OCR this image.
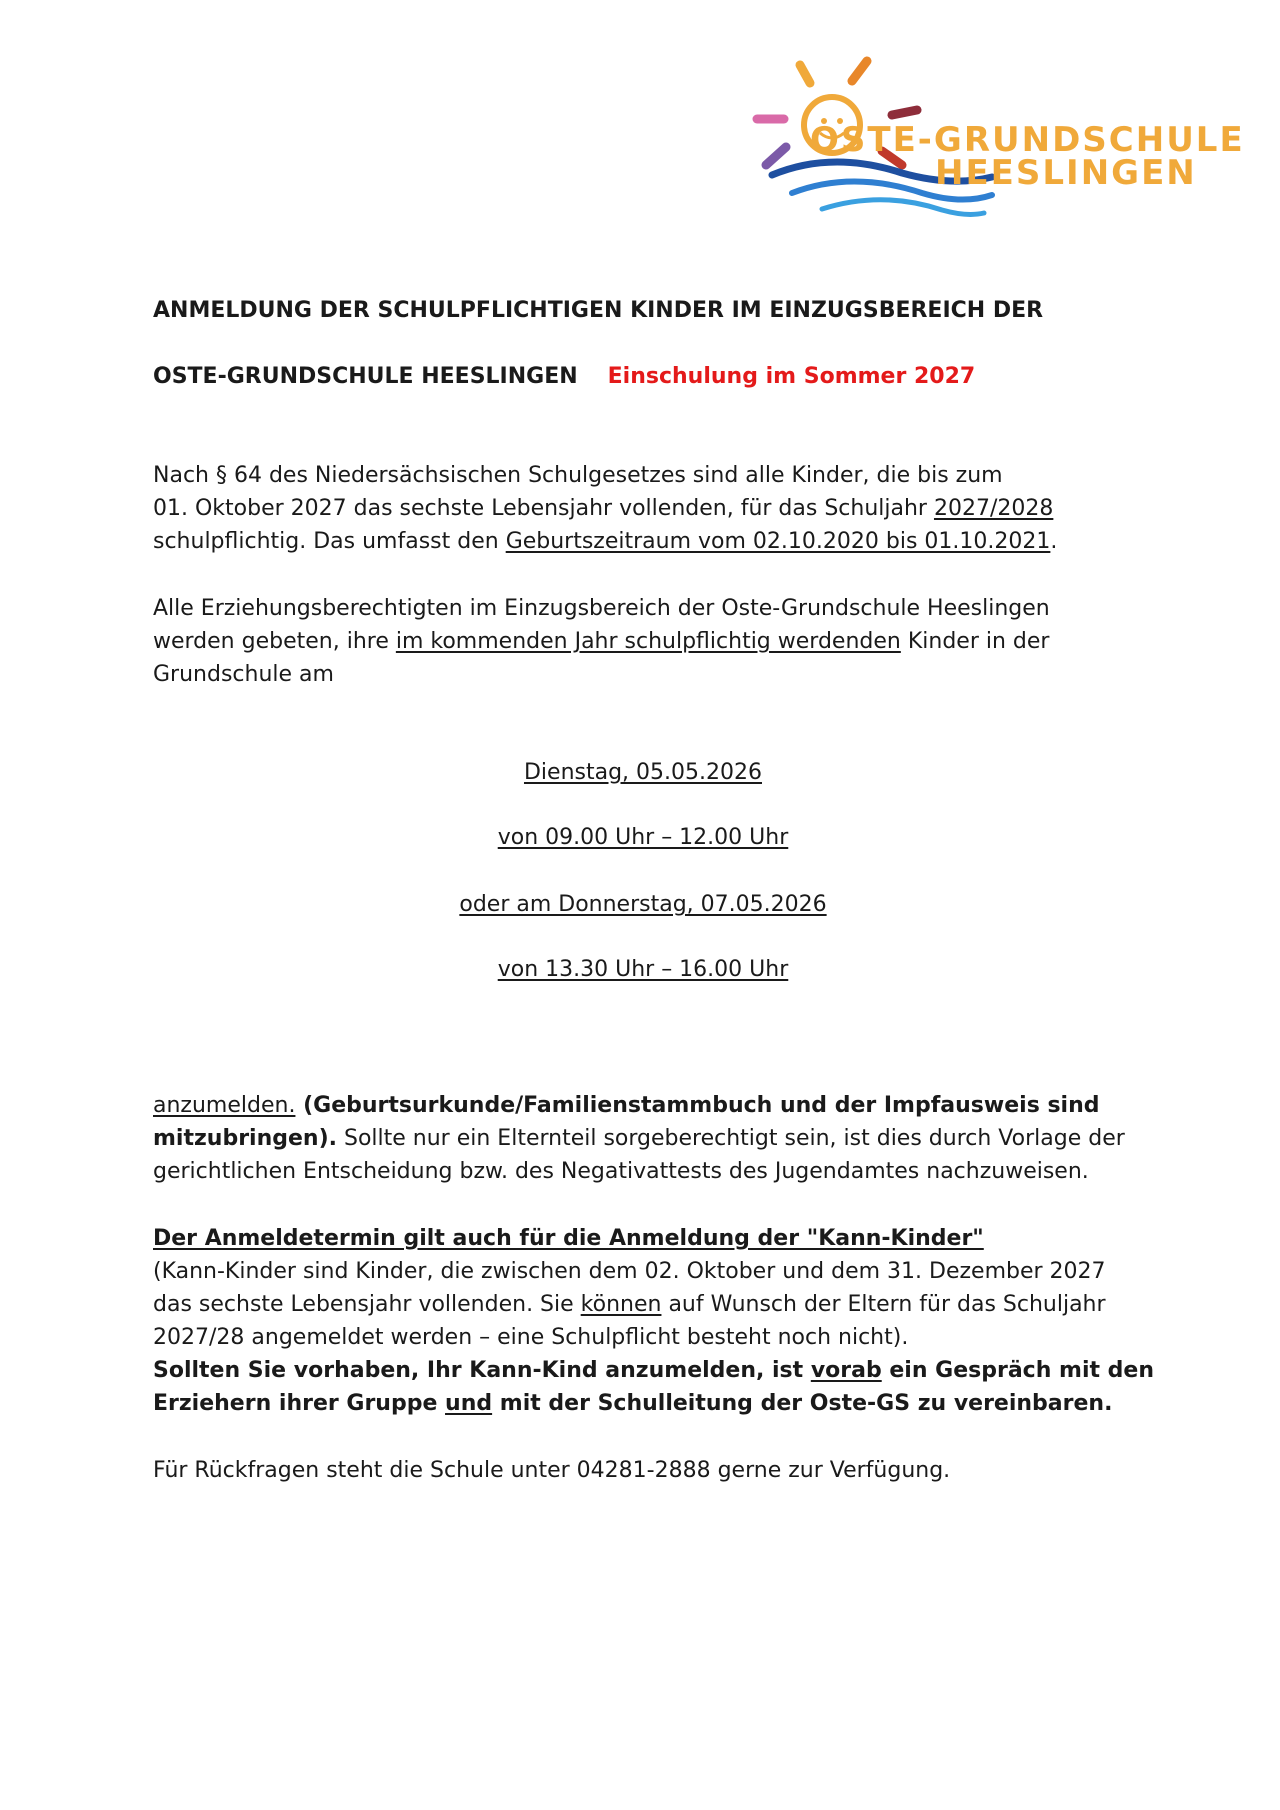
OSTE-GRUNDSCHULE
HEESLINGEN
ANMELDUNG DER SCHULPFLICHTIGEN KINDER IM EINZUGSBEREICH DER
OSTE-GRUNDSCHULE HEESLINGEN Einschulung im Sommer 2027
Nach § 64 des Niedersächsischen Schulgesetzes sind alle Kinder, die bis zum
01. Oktober 2027 das sechste Lebensjahr vollenden, für das Schuljahr 2027/2028
schulpflichtig. Das umfasst den Geburtszeitraum vom 02.10.2020 bis 01.10.2021.
Alle Erziehungsberechtigten im Einzugsbereich der Oste-Grundschule Heeslingen
werden gebeten, ihre im kommenden Jahr schulpflichtig werdenden Kinder in der
Grundschule am
Dienstag, 05.05.2026
von 09.00 Uhr – 12.00 Uhr
oder am Donnerstag, 07.05.2026
von 13.30 Uhr – 16.00 Uhr
anzumelden. (Geburtsurkunde/Familienstammbuch und der Impfausweis sind
mitzubringen). Sollte nur ein Elternteil sorgeberechtigt sein, ist dies durch Vorlage der
gerichtlichen Entscheidung bzw. des Negativattests des Jugendamtes nachzuweisen.
Der Anmeldetermin gilt auch für die Anmeldung der "Kann-Kinder"
(Kann-Kinder sind Kinder, die zwischen dem 02. Oktober und dem 31. Dezember 2027
das sechste Lebensjahr vollenden. Sie können auf Wunsch der Eltern für das Schuljahr
2027/28 angemeldet werden – eine Schulpflicht besteht noch nicht).
Sollten Sie vorhaben, Ihr Kann-Kind anzumelden, ist vorab ein Gespräch mit den
Erziehern ihrer Gruppe und mit der Schulleitung der Oste-GS zu vereinbaren.
Für Rückfragen steht die Schule unter 04281-2888 gerne zur Verfügung.
